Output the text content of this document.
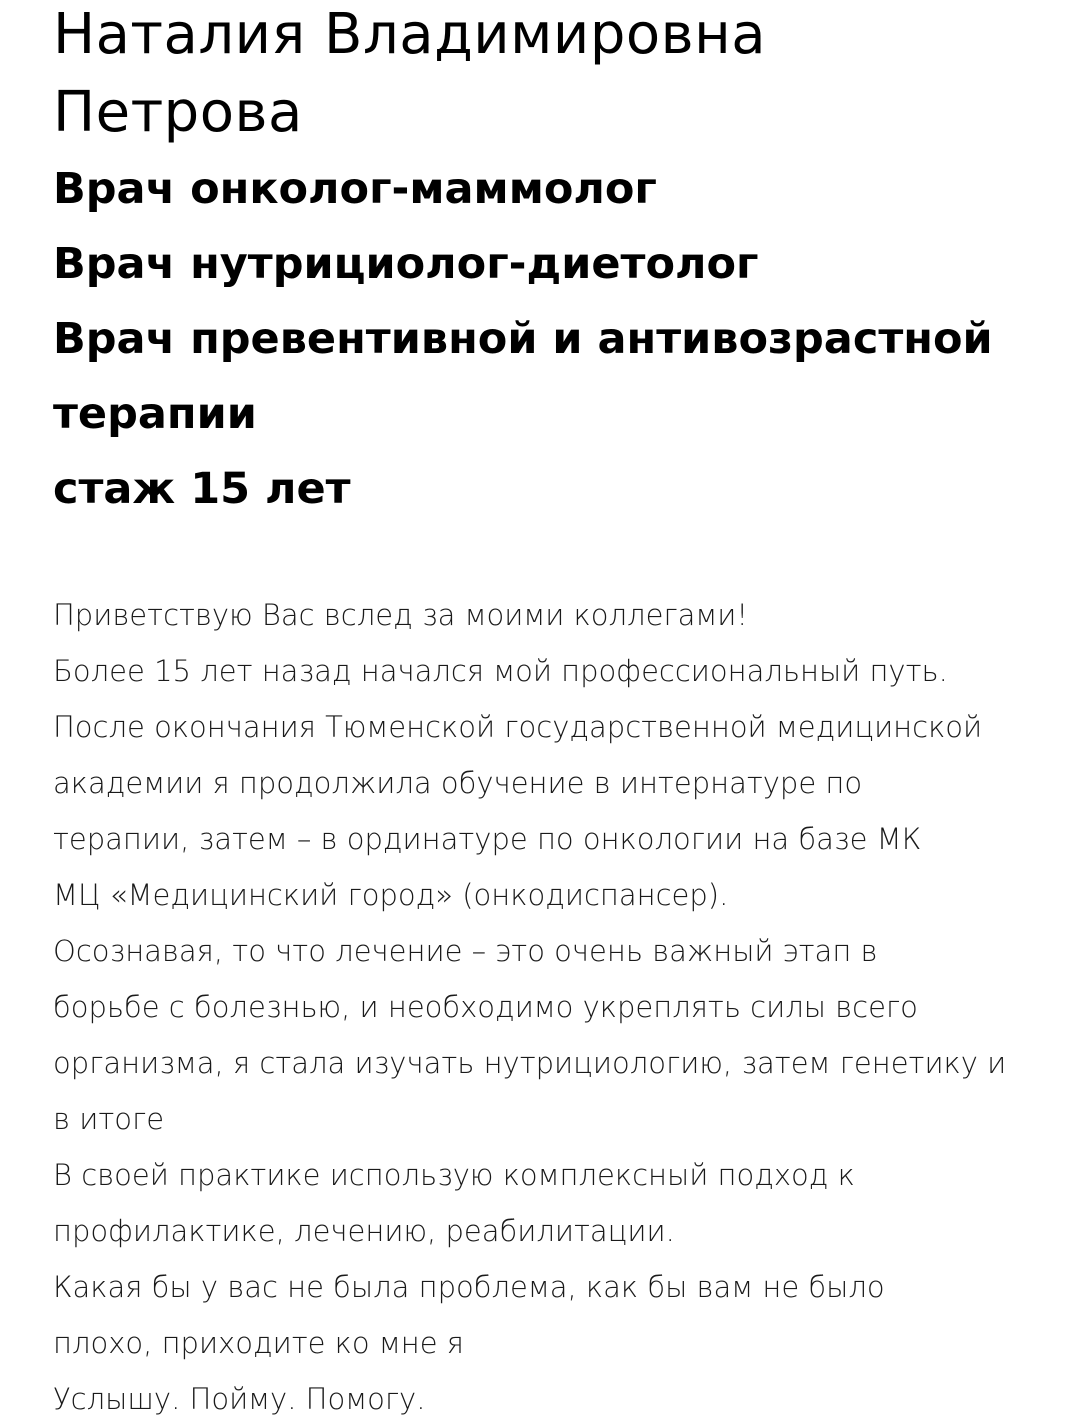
Наталия Владимировна
Петрова
Врач онколог-маммолог
Врач нутрициолог-диетолог
Врач превентивной и антивозрастной
терапии
стаж 15 лет
Приветствую Вас вслед за моими коллегами!
Более 15 лет назад начался мой профессиональный путь.
После окончания Тюменской государственной медицинской
академии я продолжила обучение в интернатуре по
терапии, затем – в ординатуре по онкологии на базе МК
МЦ «Медицинский город» (онкодиспансер).
Осознавая, то что лечение – это очень важный этап в
борьбе с болезнью, и необходимо укреплять силы всего
организма, я стала изучать нутрициологию, затем генетику и
в итоге
В своей практике использую комплексный подход к
профилактике, лечению, реабилитации.
Какая бы у вас не была проблема, как бы вам не было
плохо, приходите ко мне я
Услышу. Пойму. Помогу.
